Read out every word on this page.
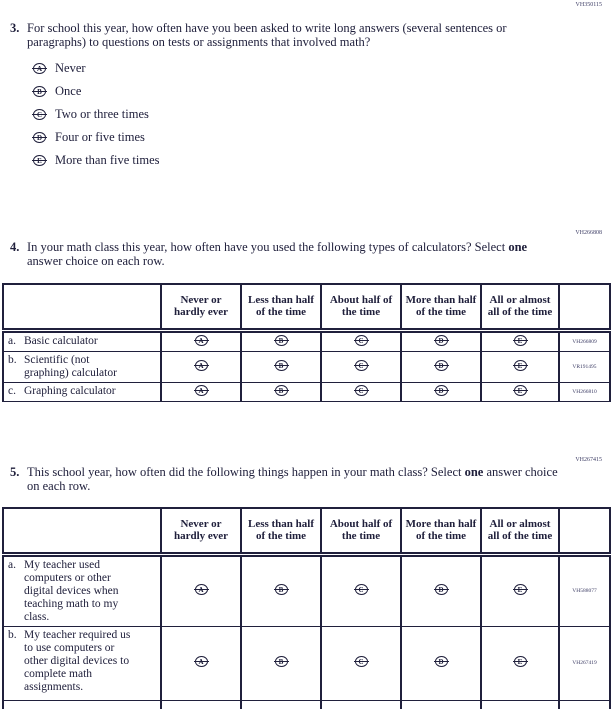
VH350115
3. For school this year, how often have you been asked to write long answers (several sentences or paragraphs) to questions on tests or assignments that involved math?
A Never
B Once
C Two or three times
D Four or five times
E More than five times
VH266808
4. In your math class this year, how often have you used the following types of calculators? Select one answer choice on each row.
	Never or hardly ever	Less than half of the time	About half of the time	More than half of the time	All or almost all of the time	

a. Basic calculator	A	B	C	D	E	VH266809

b. Scientific (not graphing) calculator	A	B	C	D	E	VR191495

c. Graphing calculator	A	B	C	D	E	VH266810
VH267415
5. This school year, how often did the following things happen in your math class? Select one answer choice on each row.
	Never or hardly ever	Less than half of the time	About half of the time	More than half of the time	All or almost all of the time	

a. My teacher used computers or other digital devices when teaching math to my class.	A	B	C	D	E	VH588077

b. My teacher required us to use computers or other digital devices to complete math assignments.	A	B	C	D	E	VH267419
